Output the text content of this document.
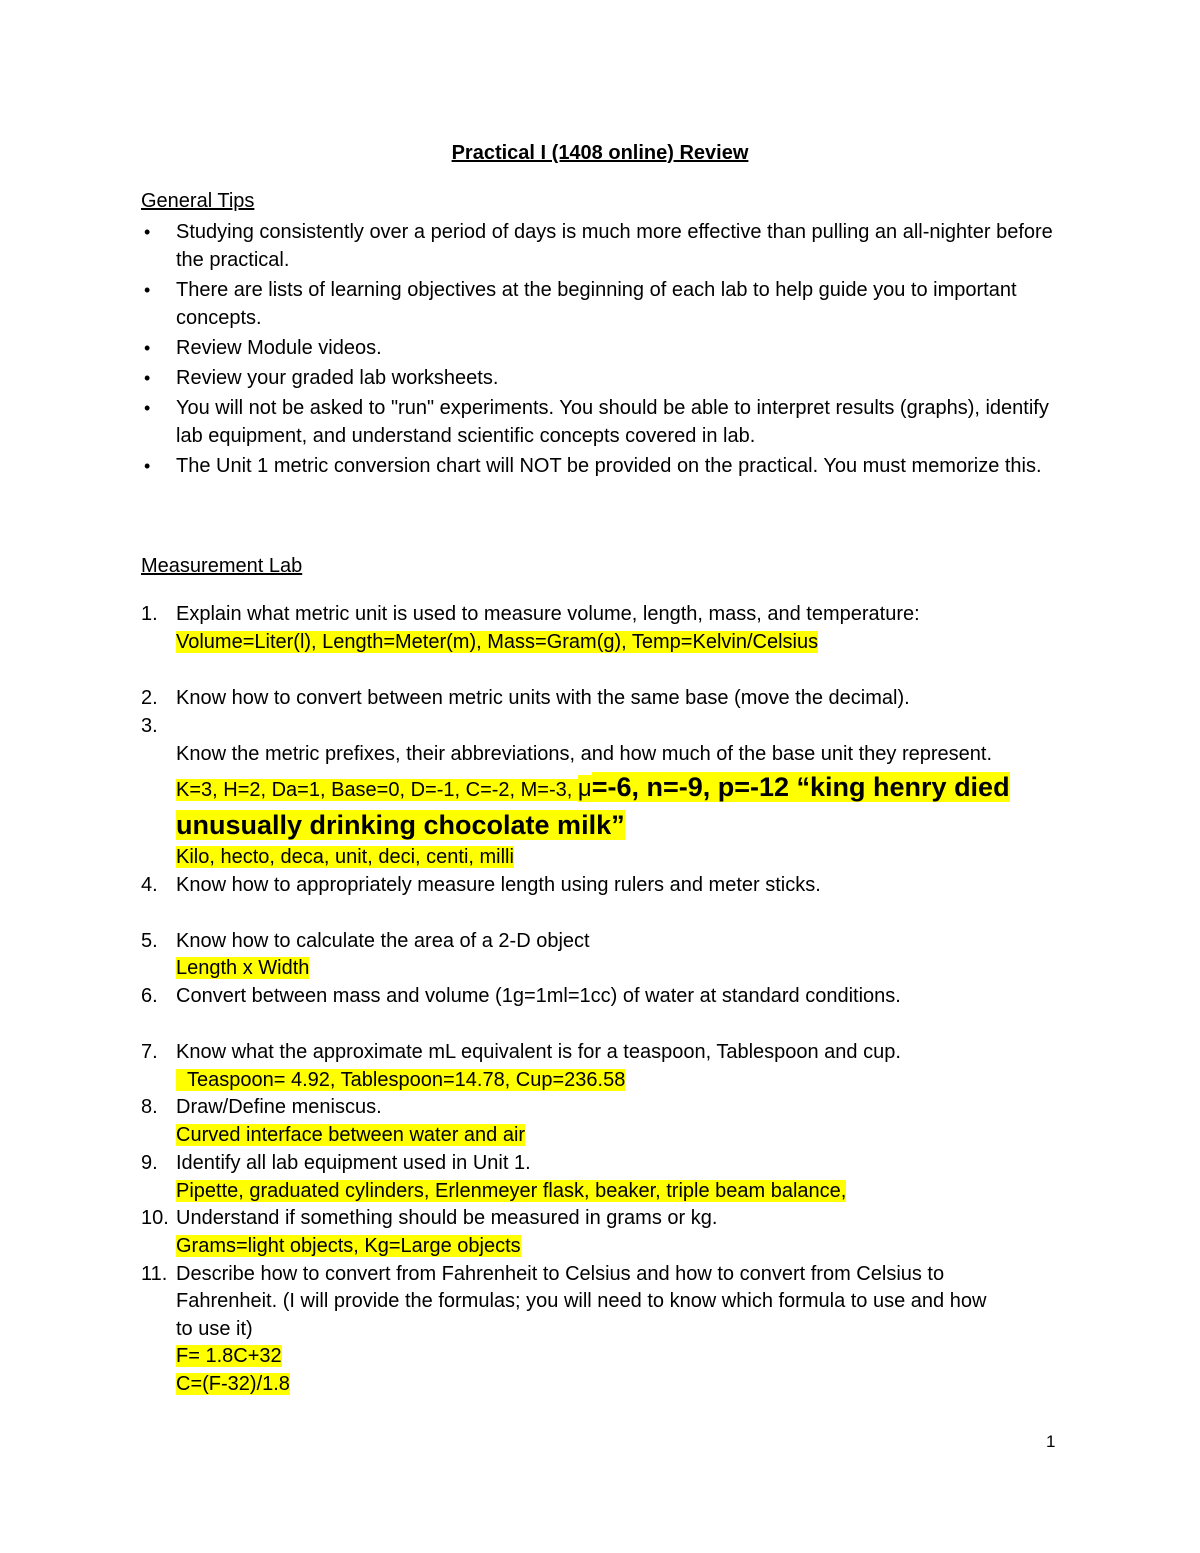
Practical I (1408 online) Review
General Tips
• Studying consistently over a period of days is much more effective than pulling an all-nighter before the practical.
• There are lists of learning objectives at the beginning of each lab to help guide you to important concepts.
• Review Module videos.
• Review your graded lab worksheets.
• You will not be asked to "run" experiments. You should be able to interpret results (graphs), identify lab equipment, and understand scientific concepts covered in lab.
• The Unit 1 metric conversion chart will NOT be provided on the practical. You must memorize this.
Measurement Lab
1. Explain what metric unit is used to measure volume, length, mass, and temperature:
Volume=Liter(l), Length=Meter(m), Mass=Gram(g), Temp=Kelvin/Celsius
2. Know how to convert between metric units with the same base (move the decimal).
3.
Know the metric prefixes, their abbreviations, and how much of the base unit they represent.
K=3, H=2, Da=1, Base=0, D=-1, C=-2, M=-3, μ=-6, n=-9, p=-12 “king henry died
unusually drinking chocolate milk”
Kilo, hecto, deca, unit, deci, centi, milli
4. Know how to appropriately measure length using rulers and meter sticks.
5. Know how to calculate the area of a 2-D object
Length x Width
6. Convert between mass and volume (1g=1ml=1cc) of water at standard conditions.
7. Know what the approximate mL equivalent is for a teaspoon, Tablespoon and cup.
Teaspoon= 4.92, Tablespoon=14.78, Cup=236.58
8. Draw/Define meniscus.
Curved interface between water and air
9. Identify all lab equipment used in Unit 1.
Pipette, graduated cylinders, Erlenmeyer flask, beaker, triple beam balance,
10. Understand if something should be measured in grams or kg.
Grams=light objects, Kg=Large objects
11. Describe how to convert from Fahrenheit to Celsius and how to convert from Celsius to
Fahrenheit. (I will provide the formulas; you will need to know which formula to use and how
to use it)
F= 1.8C+32
C=(F-32)/1.8
1
